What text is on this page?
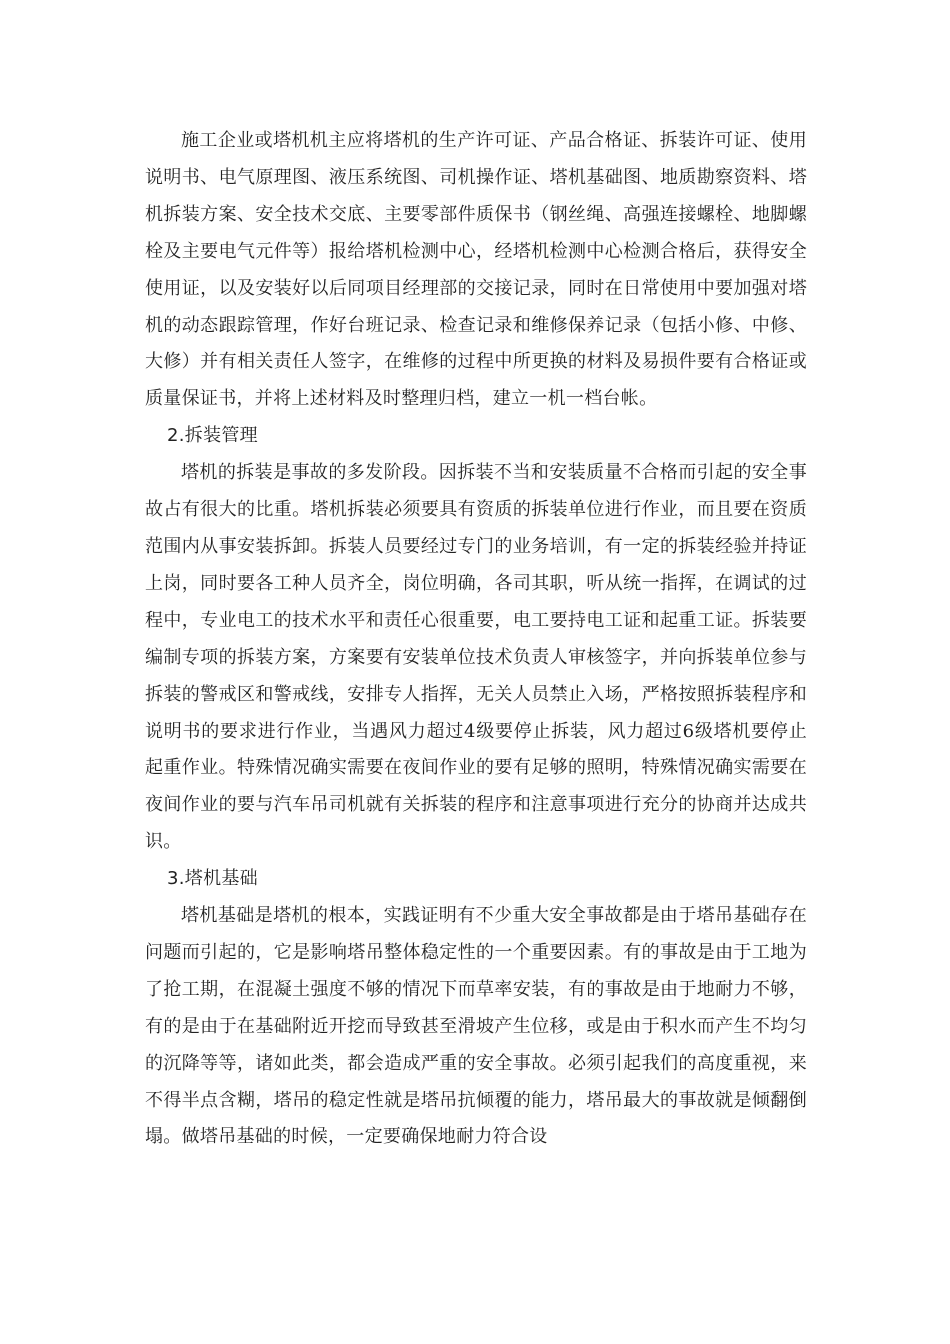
施工企业或塔机机主应将塔机的生产许可证、产品合格证、拆装许可证、使用说明书、电气原理图、液压系统图、司机操作证、塔机基础图、地质勘察资料、塔机拆装方案、安全技术交底、主要零部件质保书（钢丝绳、高强连接螺栓、地脚螺栓及主要电气元件等）报给塔机检测中心，经塔机检测中心检测合格后，获得安全使用证，以及安装好以后同项目经理部的交接记录，同时在日常使用中要加强对塔机的动态跟踪管理，作好台班记录、检查记录和维修保养记录（包括小修、中修、大修）并有相关责任人签字，在维修的过程中所更换的材料及易损件要有合格证或质量保证书，并将上述材料及时整理归档，建立一机一档台帐。

2.拆装管理

塔机的拆装是事故的多发阶段。因拆装不当和安装质量不合格而引起的安全事故占有很大的比重。塔机拆装必须要具有资质的拆装单位进行作业，而且要在资质范围内从事安装拆卸。拆装人员要经过专门的业务培训，有一定的拆装经验并持证上岗，同时要各工种人员齐全，岗位明确，各司其职，听从统一指挥，在调试的过程中，专业电工的技术水平和责任心很重要，电工要持电工证和起重工证。拆装要编制专项的拆装方案，方案要有安装单位技术负责人审核签字，并向拆装单位参与拆装的警戒区和警戒线，安排专人指挥，无关人员禁止入场，严格按照拆装程序和说明书的要求进行作业，当遇风力超过4级要停止拆装，风力超过6级塔机要停止起重作业。特殊情况确实需要在夜间作业的要有足够的照明，特殊情况确实需要在夜间作业的要与汽车吊司机就有关拆装的程序和注意事项进行充分的协商并达成共识。

3.塔机基础

塔机基础是塔机的根本，实践证明有不少重大安全事故都是由于塔吊基础存在问题而引起的，它是影响塔吊整体稳定性的一个重要因素。有的事故是由于工地为了抢工期，在混凝土强度不够的情况下而草率安装，有的事故是由于地耐力不够，有的是由于在基础附近开挖而导致甚至滑坡产生位移，或是由于积水而产生不均匀的沉降等等，诸如此类，都会造成严重的安全事故。必须引起我们的高度重视，来不得半点含糊，塔吊的稳定性就是塔吊抗倾覆的能力，塔吊最大的事故就是倾翻倒塌。做塔吊基础的时候，一定要确保地耐力符合设
